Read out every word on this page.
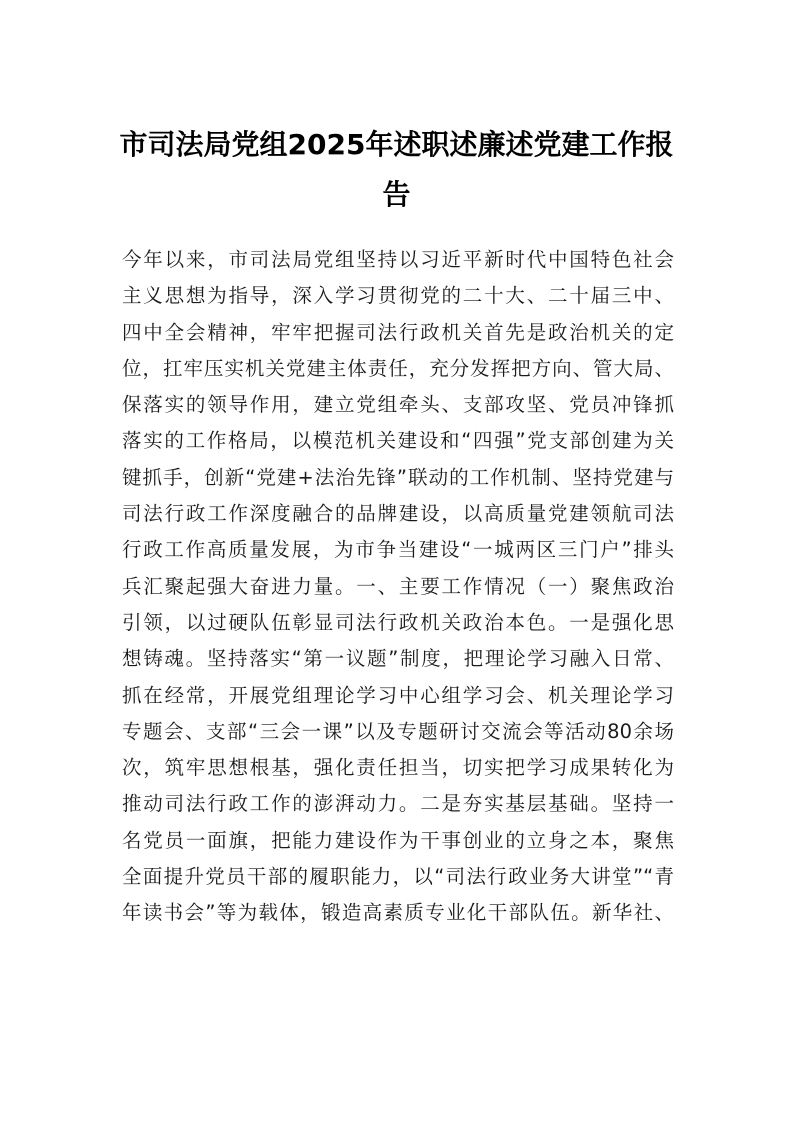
市司法局党组2025年述职述廉述党建工作报告
今年以来，市司法局党组坚持以习近平新时代中国特色社会
主义思想为指导，深入学习贯彻党的二十大、二十届三中、
四中全会精神，牢牢把握司法行政机关首先是政治机关的定
位，扛牢压实机关党建主体责任，充分发挥把方向、管大局、
保落实的领导作用，建立党组牵头、支部攻坚、党员冲锋抓
落实的工作格局，以模范机关建设和“四强”党支部创建为关
键抓手，创新“党建+法治先锋”联动的工作机制、坚持党建与
司法行政工作深度融合的品牌建设，以高质量党建领航司法
行政工作高质量发展，为市争当建设“一城两区三门户”排头
兵汇聚起强大奋进力量。一、主要工作情况（一）聚焦政治
引领，以过硬队伍彰显司法行政机关政治本色。一是强化思
想铸魂。坚持落实“第一议题”制度，把理论学习融入日常、
抓在经常，开展党组理论学习中心组学习会、机关理论学习
专题会、支部“三会一课”以及专题研讨交流会等活动80余场
次，筑牢思想根基，强化责任担当，切实把学习成果转化为
推动司法行政工作的澎湃动力。二是夯实基层基础。坚持一
名党员一面旗，把能力建设作为干事创业的立身之本，聚焦
全面提升党员干部的履职能力，以“司法行政业务大讲堂”“青
年读书会”等为载体，锻造高素质专业化干部队伍。新华社、
